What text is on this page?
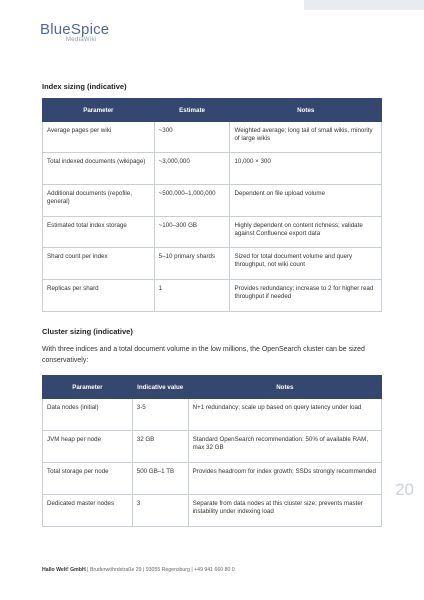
BlueSpice
MediaWiki
Index sizing (indicative)
Parameter	Estimate	Notes
Average pages per wiki	~300	Weighted average; long tail of small wikis, minority of large wikis
Total indexed documents (wikipage)	~3,000,000	10,000 × 300
Additional documents (repofile, general)	~500,000–1,000,000	Dependent on file upload volume
Estimated total index storage	~100–300 GB	Highly dependent on content richness; validate against Confluence export data
Shard count per index	5–10 primary shards	Sized for total document volume and query throughput, not wiki count
Replicas per shard	1	Provides redundancy; increase to 2 for higher read throughput if needed
Cluster sizing (indicative)
With three indices and a total document volume in the low millions, the OpenSearch cluster can be sized conservatively:
Parameter	Indicative value	Notes
Data nodes (initial)	3-5	N+1 redundancy; scale up based on query latency under load
JVM heap per node	32 GB	Standard OpenSearch recommendation: 50% of available RAM, max 32 GB
Total storage per node	500 GB–1 TB	Provides headroom for index growth; SSDs strongly recommended
Dedicated master nodes	3	Separate from data nodes at this cluster size; prevents master instability under indexing load
20
Hallo Welt! GmbH | Bruderwöhrdstraße 29 | 93055 Regensburg | +49 941 660 80 0
